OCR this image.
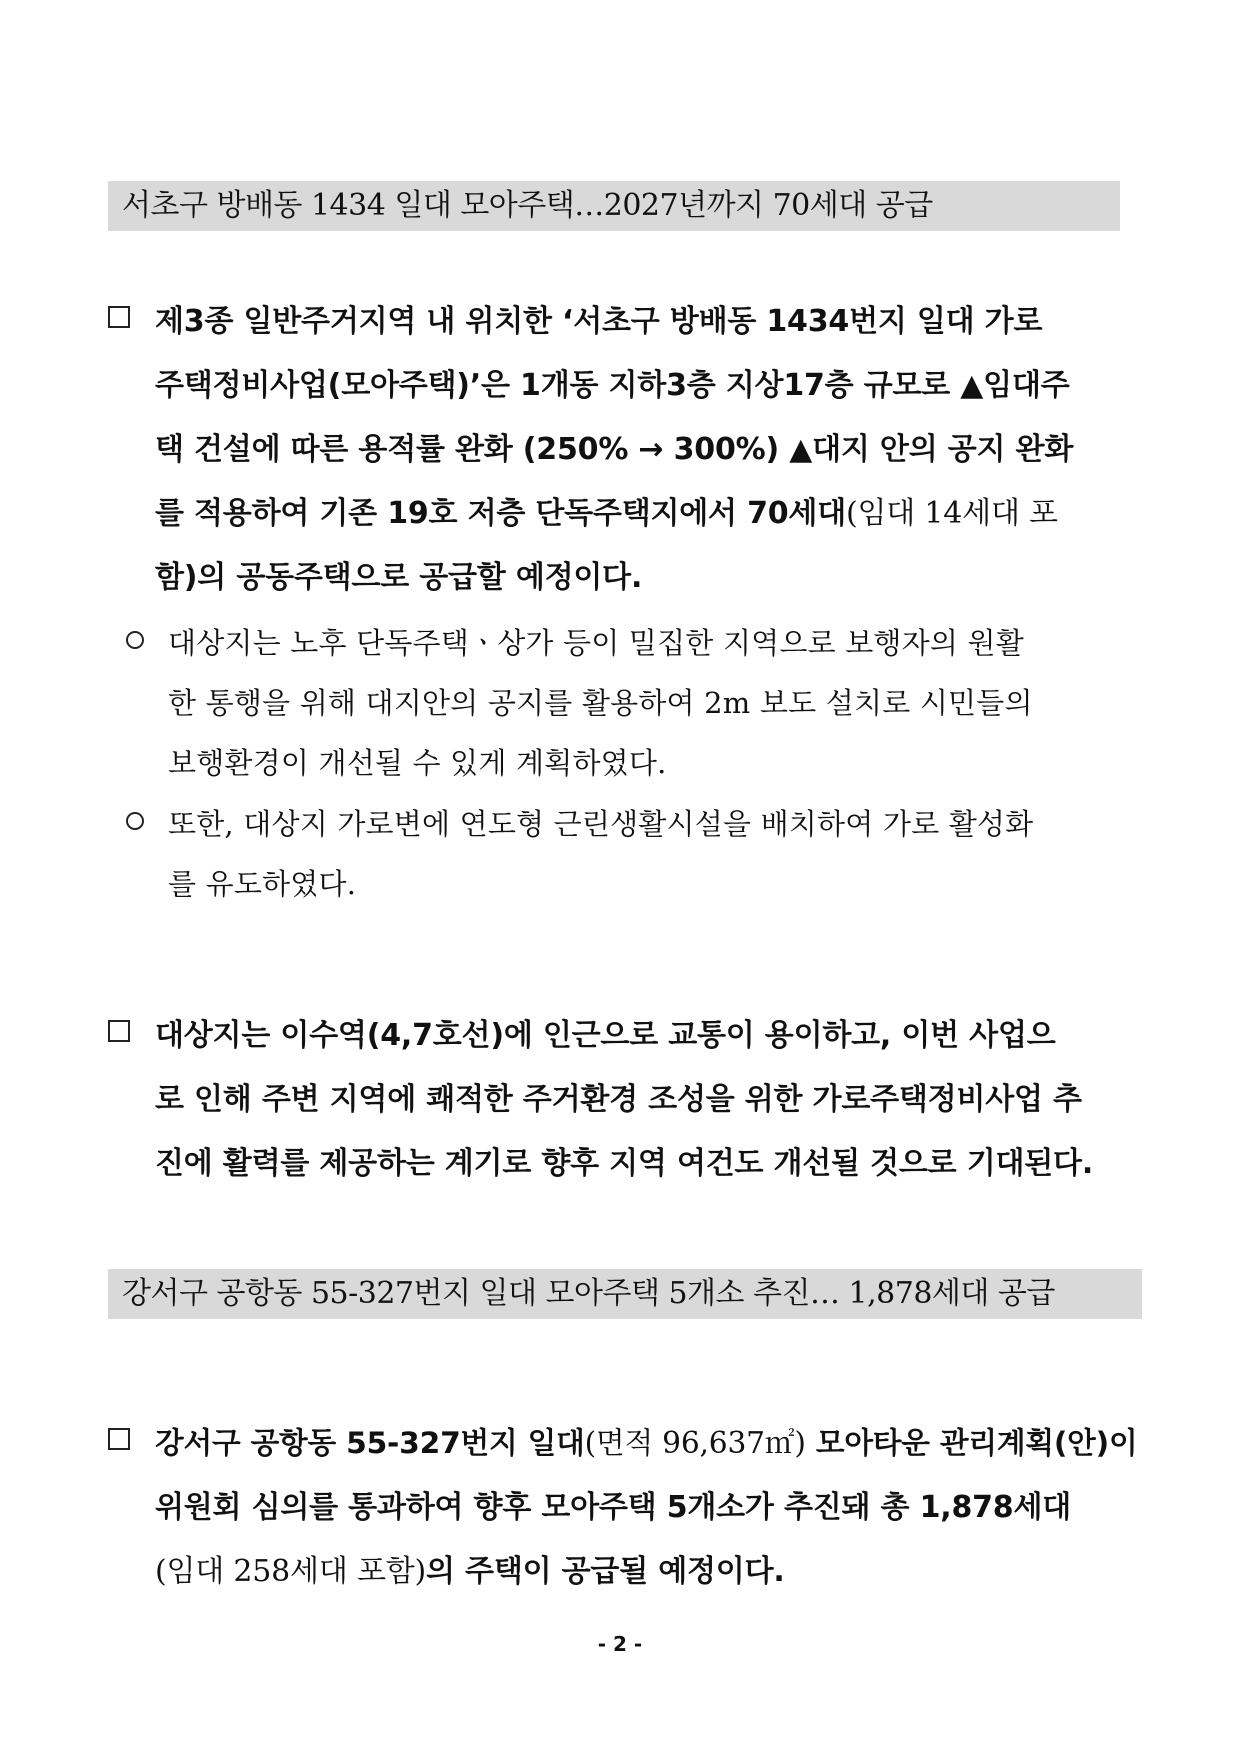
서초구 방배동 1434 일대 모아주택…2027년까지 70세대 공급
제3종 일반주거지역 내 위치한 ‘서초구 방배동 1434번지 일대 가로
주택정비사업(모아주택)’은 1개동 지하3층 지상17층 규모로 ▲임대주
택 건설에 따른 용적률 완화 (250% → 300%) ▲대지 안의 공지 완화
를 적용하여 기존 19호 저층 단독주택지에서 70세대(임대 14세대 포
함)의 공동주택으로 공급할 예정이다.
대상지는 노후 단독주택ㆍ상가 등이 밀집한 지역으로 보행자의 원활
한 통행을 위해 대지안의 공지를 활용하여 2m 보도 설치로 시민들의
보행환경이 개선될 수 있게 계획하였다.
또한, 대상지 가로변에 연도형 근린생활시설을 배치하여 가로 활성화
를 유도하였다.
대상지는 이수역(4,7호선)에 인근으로 교통이 용이하고, 이번 사업으
로 인해 주변 지역에 쾌적한 주거환경 조성을 위한 가로주택정비사업 추
진에 활력를 제공하는 계기로 향후 지역 여건도 개선될 것으로 기대된다.
강서구 공항동 55-327번지 일대 모아주택 5개소 추진… 1,878세대 공급
강서구 공항동 55-327번지 일대(면적 96,637㎡) 모아타운 관리계획(안)이
위원회 심의를 통과하여 향후 모아주택 5개소가 추진돼 총 1,878세대
(임대 258세대 포함)의 주택이 공급될 예정이다.
- 2 -
